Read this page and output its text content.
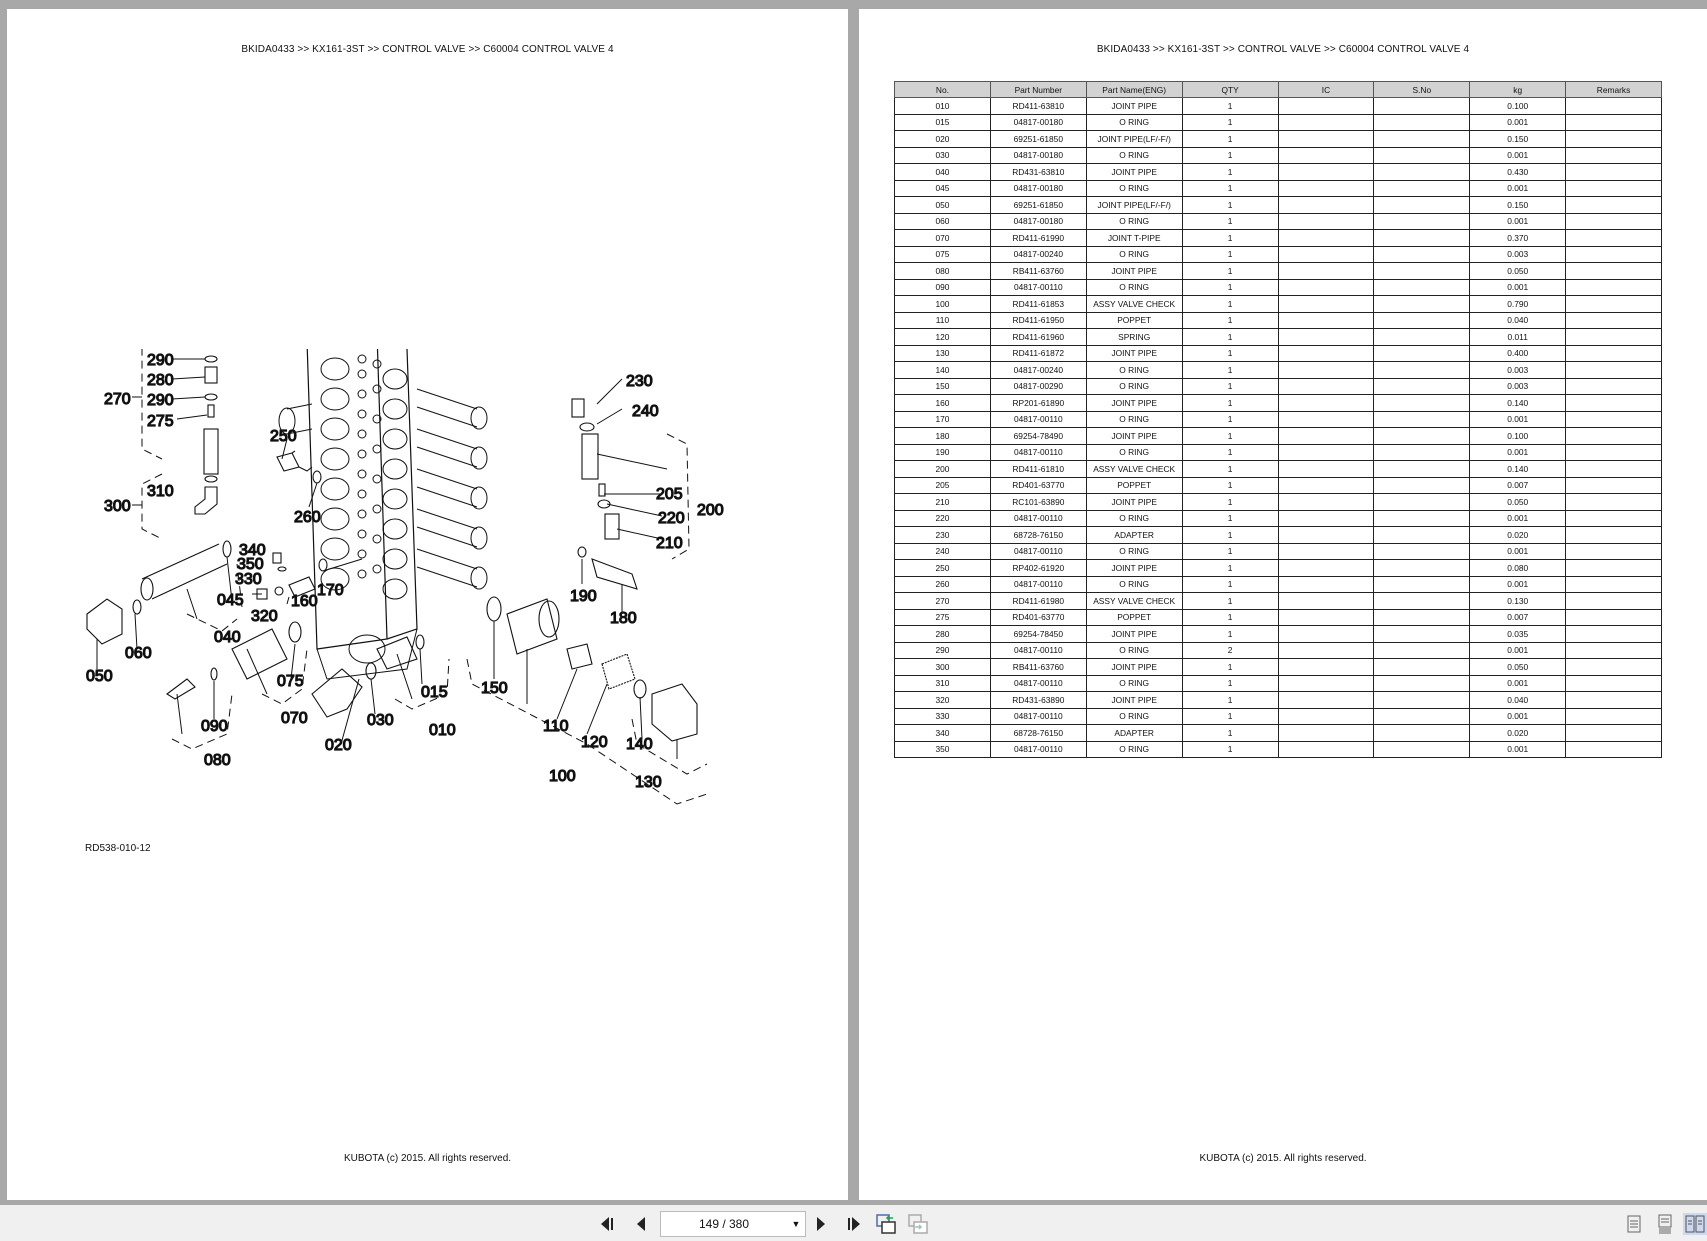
BKIDA0433 >> KX161-3ST >> CONTROL VALVE >> C60004 CONTROL VALVE 4
290
280
270 290
275
250
310
300
260
340
350
330
045
170
160
320
040
060
050	075
070
090
080
020
030
015
010
150
110
120 140
100	130
190
180
230
240
205
220 200
210
RD538-010-12
KUBOTA (c) 2015. All rights reserved.
BKIDA0433 >> KX161-3ST >> CONTROL VALVE >> C60004 CONTROL VALVE 4
No.	Part Number	Part Name(ENG)	QTY	IC	S.No	kg	Remarks
010	RD411-63810	JOINT PIPE	1			0.100	
015	04817-00180	O RING	1			0.001	
020	69251-61850	JOINT PIPE(LF/-F/)	1			0.150	
030	04817-00180	O RING	1			0.001	
040	RD431-63810	JOINT PIPE	1			0.430	
045	04817-00180	O RING	1			0.001	
050	69251-61850	JOINT PIPE(LF/-F/)	1			0.150	
060	04817-00180	O RING	1			0.001	
070	RD411-61990	JOINT T-PIPE	1			0.370	
075	04817-00240	O RING	1			0.003	
080	RB411-63760	JOINT PIPE	1			0.050	
090	04817-00110	O RING	1			0.001	
100	RD411-61853	ASSY VALVE CHECK	1			0.790	
110	RD411-61950	POPPET	1			0.040	
120	RD411-61960	SPRING	1			0.011	
130	RD411-61872	JOINT PIPE	1			0.400	
140	04817-00240	O RING	1			0.003	
150	04817-00290	O RING	1			0.003	
160	RP201-61890	JOINT PIPE	1			0.140	
170	04817-00110	O RING	1			0.001	
180	69254-78490	JOINT PIPE	1			0.100	
190	04817-00110	O RING	1			0.001	
200	RD411-61810	ASSY VALVE CHECK	1			0.140	
205	RD401-63770	POPPET	1			0.007	
210	RC101-63890	JOINT PIPE	1			0.050	
220	04817-00110	O RING	1			0.001	
230	68728-76150	ADAPTER	1			0.020	
240	04817-00110	O RING	1			0.001	
250	RP402-61920	JOINT PIPE	1			0.080	
260	04817-00110	O RING	1			0.001	
270	RD411-61980	ASSY VALVE CHECK	1			0.130	
275	RD401-63770	POPPET	1			0.007	
280	69254-78450	JOINT PIPE	1			0.035	
290	04817-00110	O RING	2			0.001	
300	RB411-63760	JOINT PIPE	1			0.050	
310	04817-00110	O RING	1			0.001	
320	RD431-63890	JOINT PIPE	1			0.040	
330	04817-00110	O RING	1			0.001	
340	68728-76150	ADAPTER	1			0.020	
350	04817-00110	O RING	1			0.001	
KUBOTA (c) 2015. All rights reserved.
149 / 380	▼
